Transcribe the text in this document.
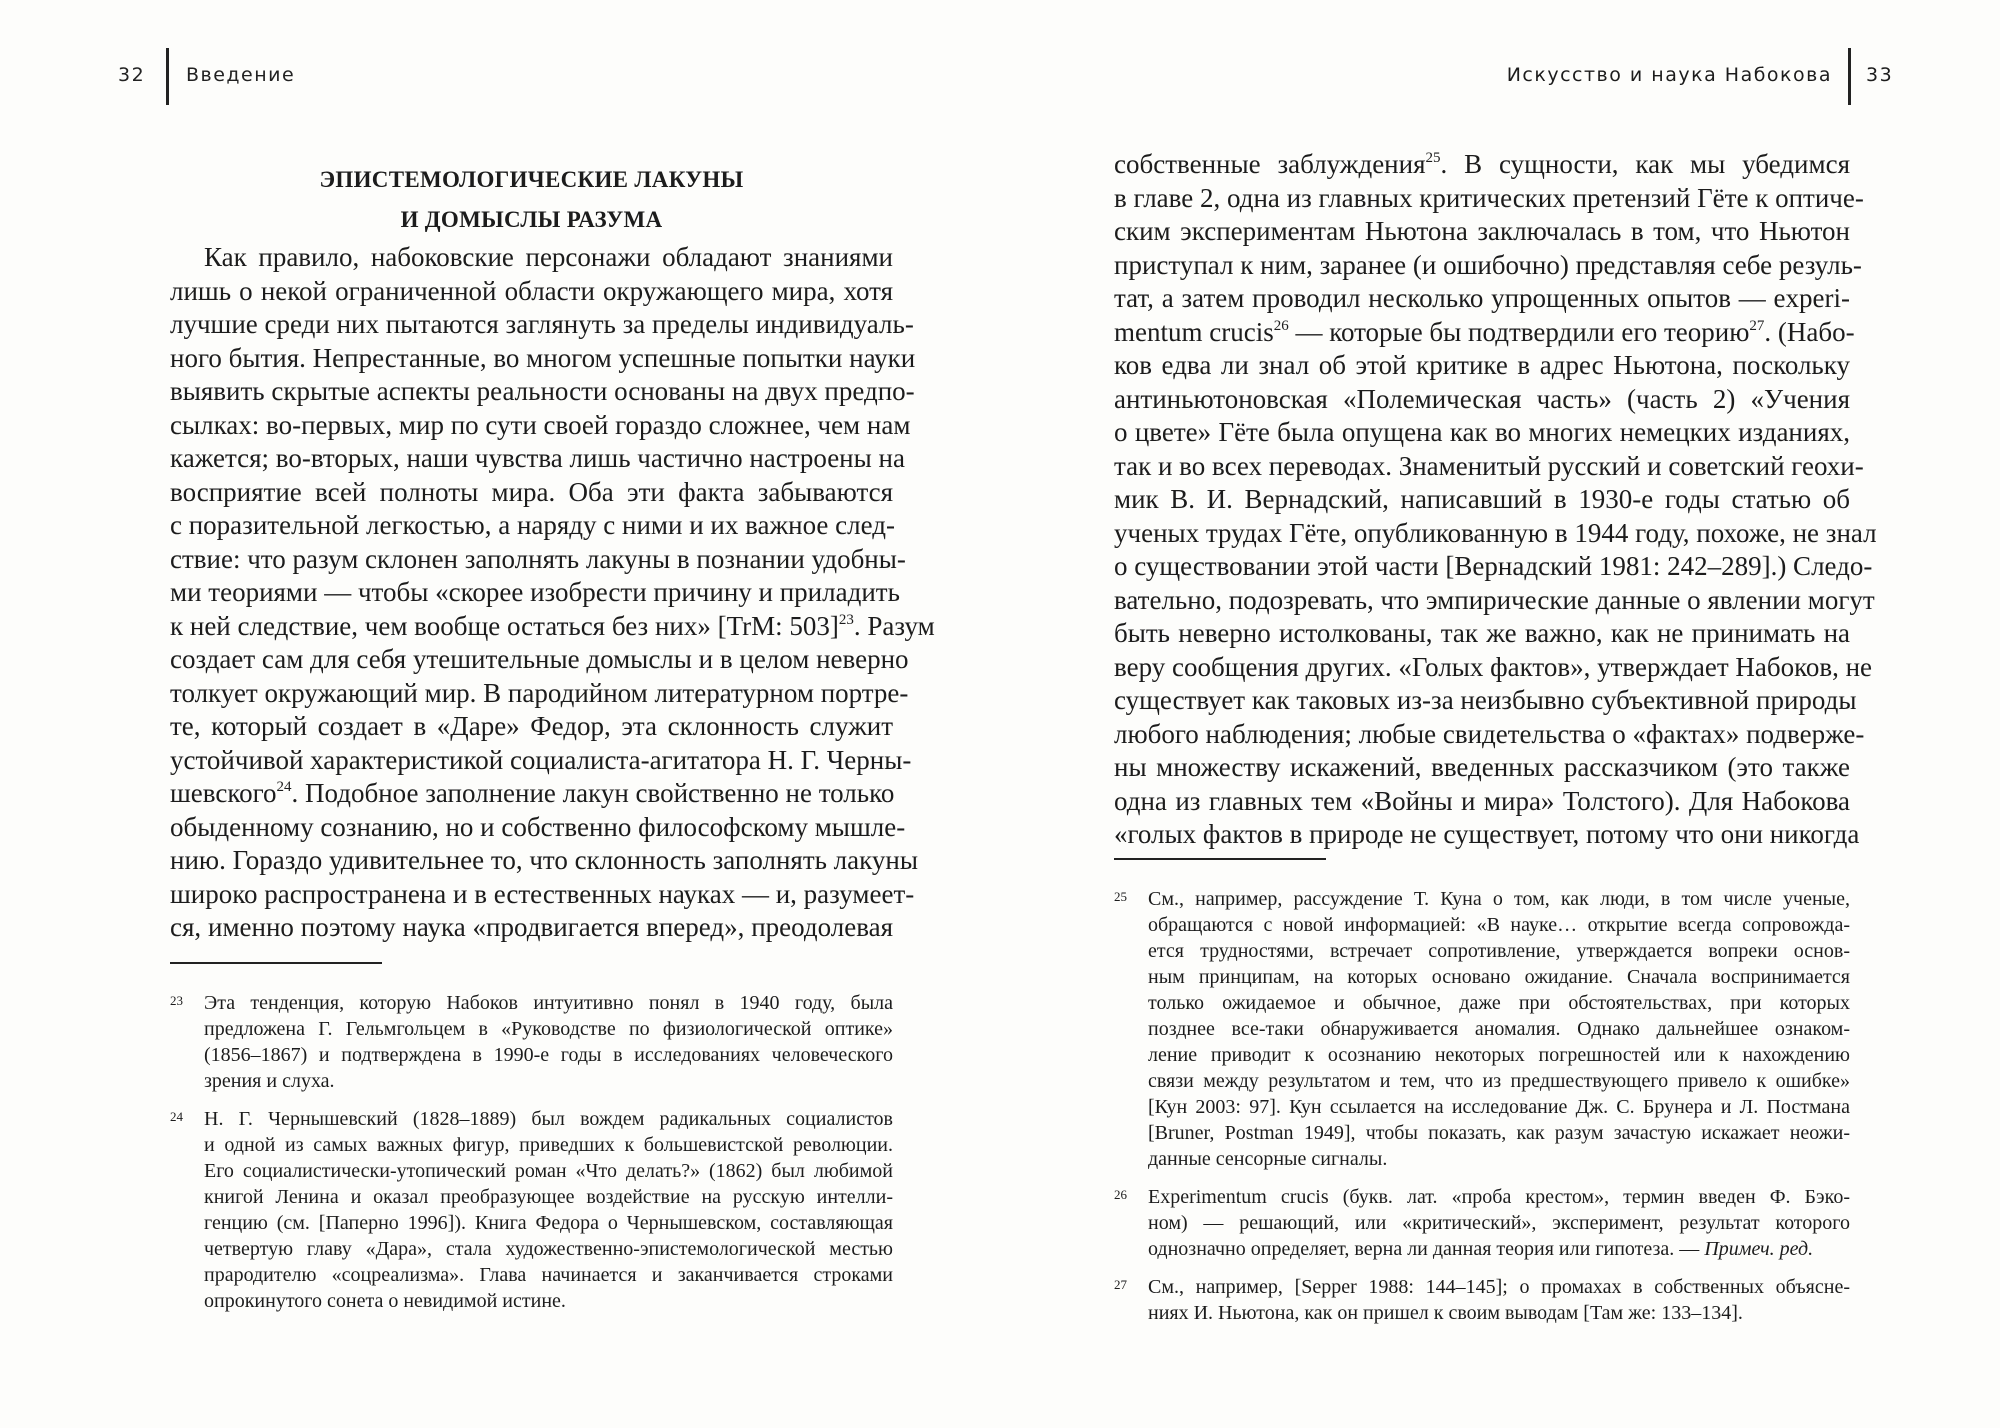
32 Введение
ЭПИСТЕМОЛОГИЧЕСКИЕ ЛАКУНЫ
И ДОМЫСЛЫ РАЗУМА
Как правило, набоковские персонажи обладают знаниями
лишь о некой ограниченной области окружающего мира, хотя
лучшие среди них пытаются заглянуть за пределы индивидуаль-
ного бытия. Непрестанные, во многом успешные попытки науки
выявить скрытые аспекты реальности основаны на двух предпо-
сылках: во-первых, мир по сути своей гораздо сложнее, чем нам
кажется; во-вторых, наши чувства лишь частично настроены на
восприятие всей полноты мира. Оба эти факта забываются
с поразительной легкостью, а наряду с ними и их важное след-
ствие: что разум склонен заполнять лакуны в познании удобны-
ми теориями — чтобы «скорее изобрести причину и приладить
к ней следствие, чем вообще остаться без них» [TrM: 503]$^{23}$. Разум
создает сам для себя утешительные домыслы и в целом неверно
толкует окружающий мир. В пародийном литературном портре-
те, который создает в «Даре» Федор, эта склонность служит
устойчивой характеристикой социалиста-агитатора Н. Г. Черны-
шевского$^{24}$. Подобное заполнение лакун свойственно не только
обыденному сознанию, но и собственно философскому мышле-
нию. Гораздо удивительнее то, что склонность заполнять лакуны
широко распространена и в естественных науках — и, разумеет-
ся, именно поэтому наука «продвигается вперед», преодолевая
23 Эта тенденция, которую Набоков интуитивно понял в 1940 году, была
предложена Г. Гельмгольцем в «Руководстве по физиологической оптике»
(1856–1867) и подтверждена в 1990-е годы в исследованиях человеческого
зрения и слуха.
24 Н. Г. Чернышевский (1828–1889) был вождем радикальных социалистов
и одной из самых важных фигур, приведших к большевистской революции.
Его социалистически-утопический роман «Что делать?» (1862) был любимой
книгой Ленина и оказал преобразующее воздействие на русскую интелли-
генцию (см. [Паперно 1996]). Книга Федора о Чернышевском, составляющая
четвертую главу «Дара», стала художественно-эпистемологической местью
прародителю «соцреализма». Глава начинается и заканчивается строками
опрокинутого сонета о невидимой истине.
Искусство и наука Набокова 33
собственные заблуждения$^{25}$. В сущности, как мы убедимся
в главе 2, одна из главных критических претензий Гёте к оптиче-
ским экспериментам Ньютона заключалась в том, что Ньютон
приступал к ним, заранее (и ошибочно) представляя себе резуль-
тат, а затем проводил несколько упрощенных опытов — experi-
mentum crucis$^{26}$ — которые бы подтвердили его теорию$^{27}$. (Набо-
ков едва ли знал об этой критике в адрес Ньютона, поскольку
антиньютоновская «Полемическая часть» (часть 2) «Учения
о цвете» Гёте была опущена как во многих немецких изданиях,
так и во всех переводах. Знаменитый русский и советский геохи-
мик В. И. Вернадский, написавший в 1930-е годы статью об
ученых трудах Гёте, опубликованную в 1944 году, похоже, не знал
о существовании этой части [Вернадский 1981: 242–289].) Следо-
вательно, подозревать, что эмпирические данные о явлении могут
быть неверно истолкованы, так же важно, как не принимать на
веру сообщения других. «Голых фактов», утверждает Набоков, не
существует как таковых из-за неизбывно субъективной природы
любого наблюдения; любые свидетельства о «фактах» подверже-
ны множеству искажений, введенных рассказчиком (это также
одна из главных тем «Войны и мира» Толстого). Для Набокова
«голых фактов в природе не существует, потому что они никогда
25 См., например, рассуждение Т. Куна о том, как люди, в том числе ученые,
обращаются с новой информацией: «В науке… открытие всегда сопровожда-
ется трудностями, встречает сопротивление, утверждается вопреки основ-
ным принципам, на которых основано ожидание. Сначала воспринимается
только ожидаемое и обычное, даже при обстоятельствах, при которых
позднее все-таки обнаруживается аномалия. Однако дальнейшее ознаком-
ление приводит к осознанию некоторых погрешностей или к нахождению
связи между результатом и тем, что из предшествующего привело к ошибке»
[Кун 2003: 97]. Кун ссылается на исследование Дж. С. Брунера и Л. Постмана
[Bruner, Postman 1949], чтобы показать, как разум зачастую искажает неожи-
данные сенсорные сигналы.
26 Experimentum crucis (букв. лат. «проба крестом», термин введен Ф. Бэко-
ном) — решающий, или «критический», эксперимент, результат которого
однозначно определяет, верна ли данная теория или гипотеза. — Примеч. ред.
27 См., например, [Sepper 1988: 144–145]; о промахах в собственных объясне-
ниях И. Ньютона, как он пришел к своим выводам [Там же: 133–134].
